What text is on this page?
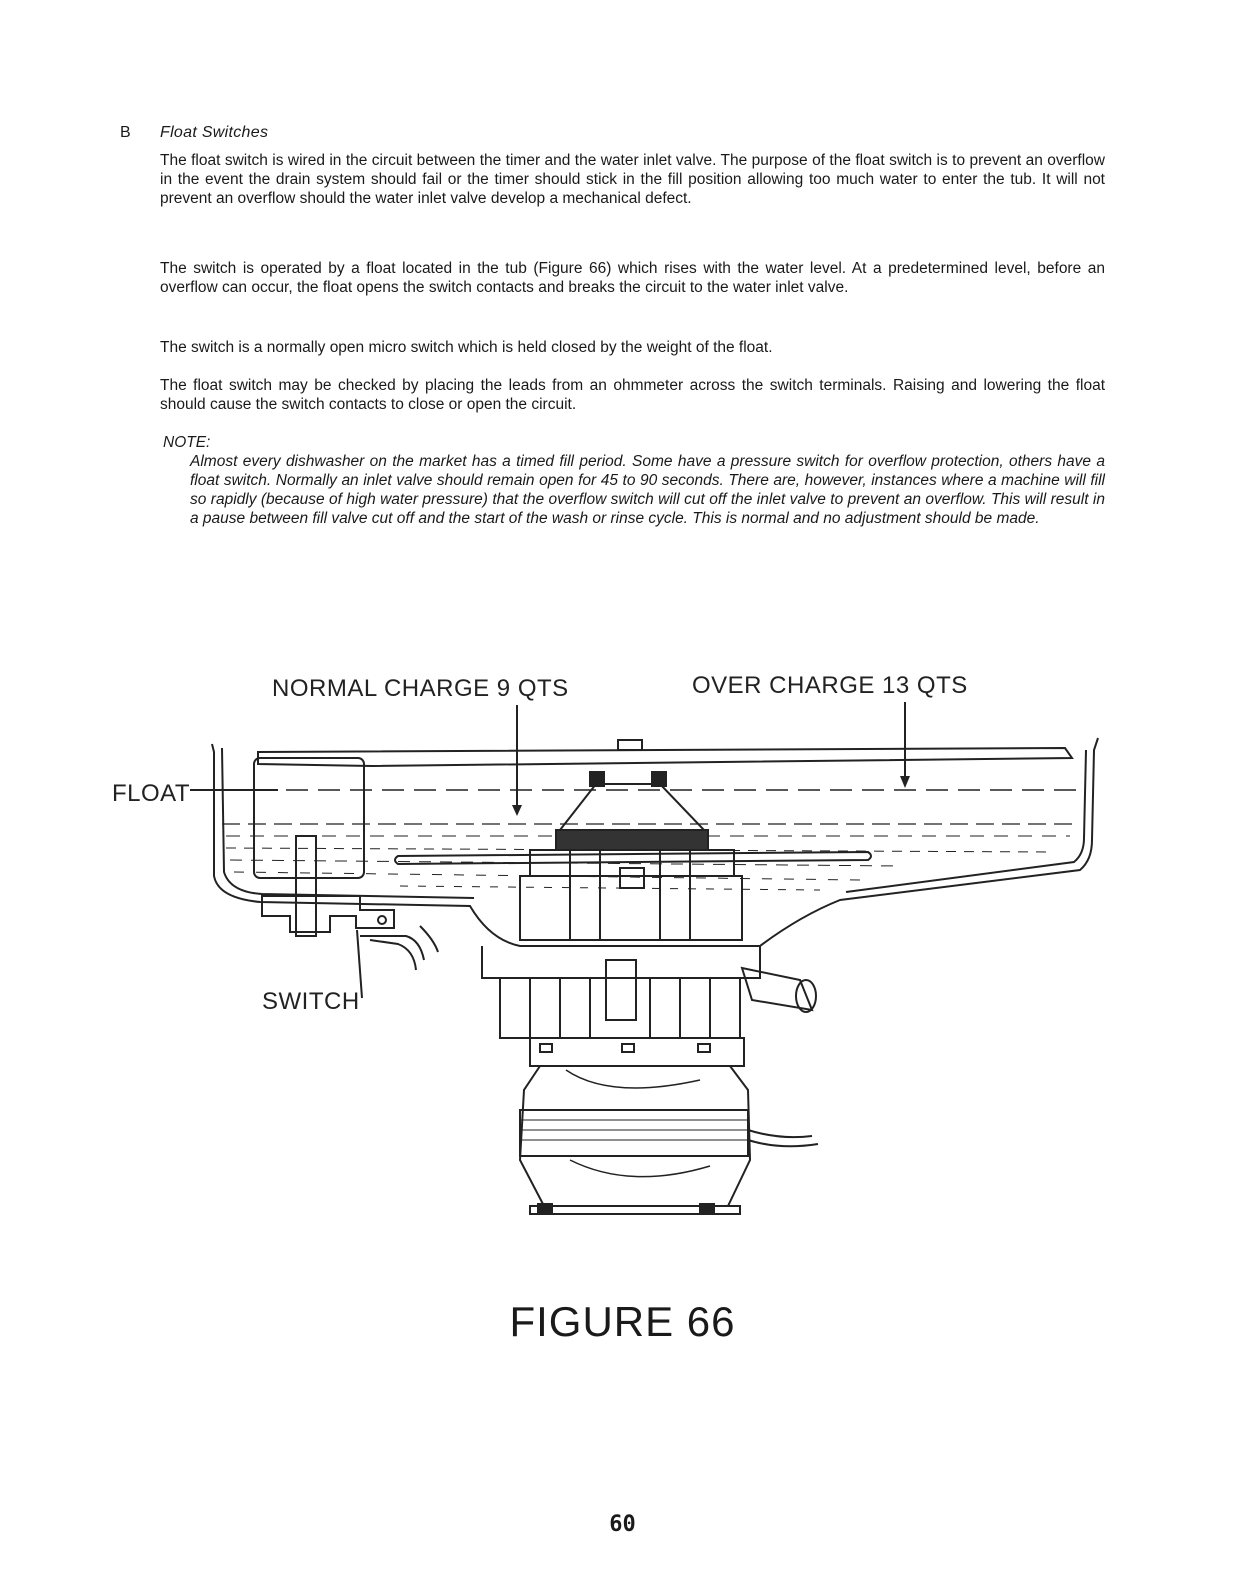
B Float Switches
The float switch is wired in the circuit between the timer and the water inlet valve. The purpose of the float switch is to prevent an overflow in the event the drain system should fail or the timer should stick in the fill position allowing too much water to enter the tub. It will not prevent an overflow should the water inlet valve develop a mechanical defect.
The switch is operated by a float located in the tub (Figure 66) which rises with the water level. At a predetermined level, before an overflow can occur, the float opens the switch contacts and breaks the circuit to the water inlet valve.
The switch is a normally open micro switch which is held closed by the weight of the float.
The float switch may be checked by placing the leads from an ohmmeter across the switch terminals. Raising and lowering the float should cause the switch contacts to close or open the circuit.
NOTE:
Almost every dishwasher on the market has a timed fill period. Some have a pressure switch for overflow protection, others have a float switch. Normally an inlet valve should remain open for 45 to 90 seconds. There are, however, instances where a machine will fill so rapidly (because of high water pressure) that the overflow switch will cut off the inlet valve to prevent an overflow. This will result in a pause between fill valve cut off and the start of the wash or rinse cycle. This is normal and no adjustment should be made.
NORMAL CHARGE 9 QTS	OVER CHARGE 13 QTS
FLOAT
SWITCH
FIGURE 66
60
